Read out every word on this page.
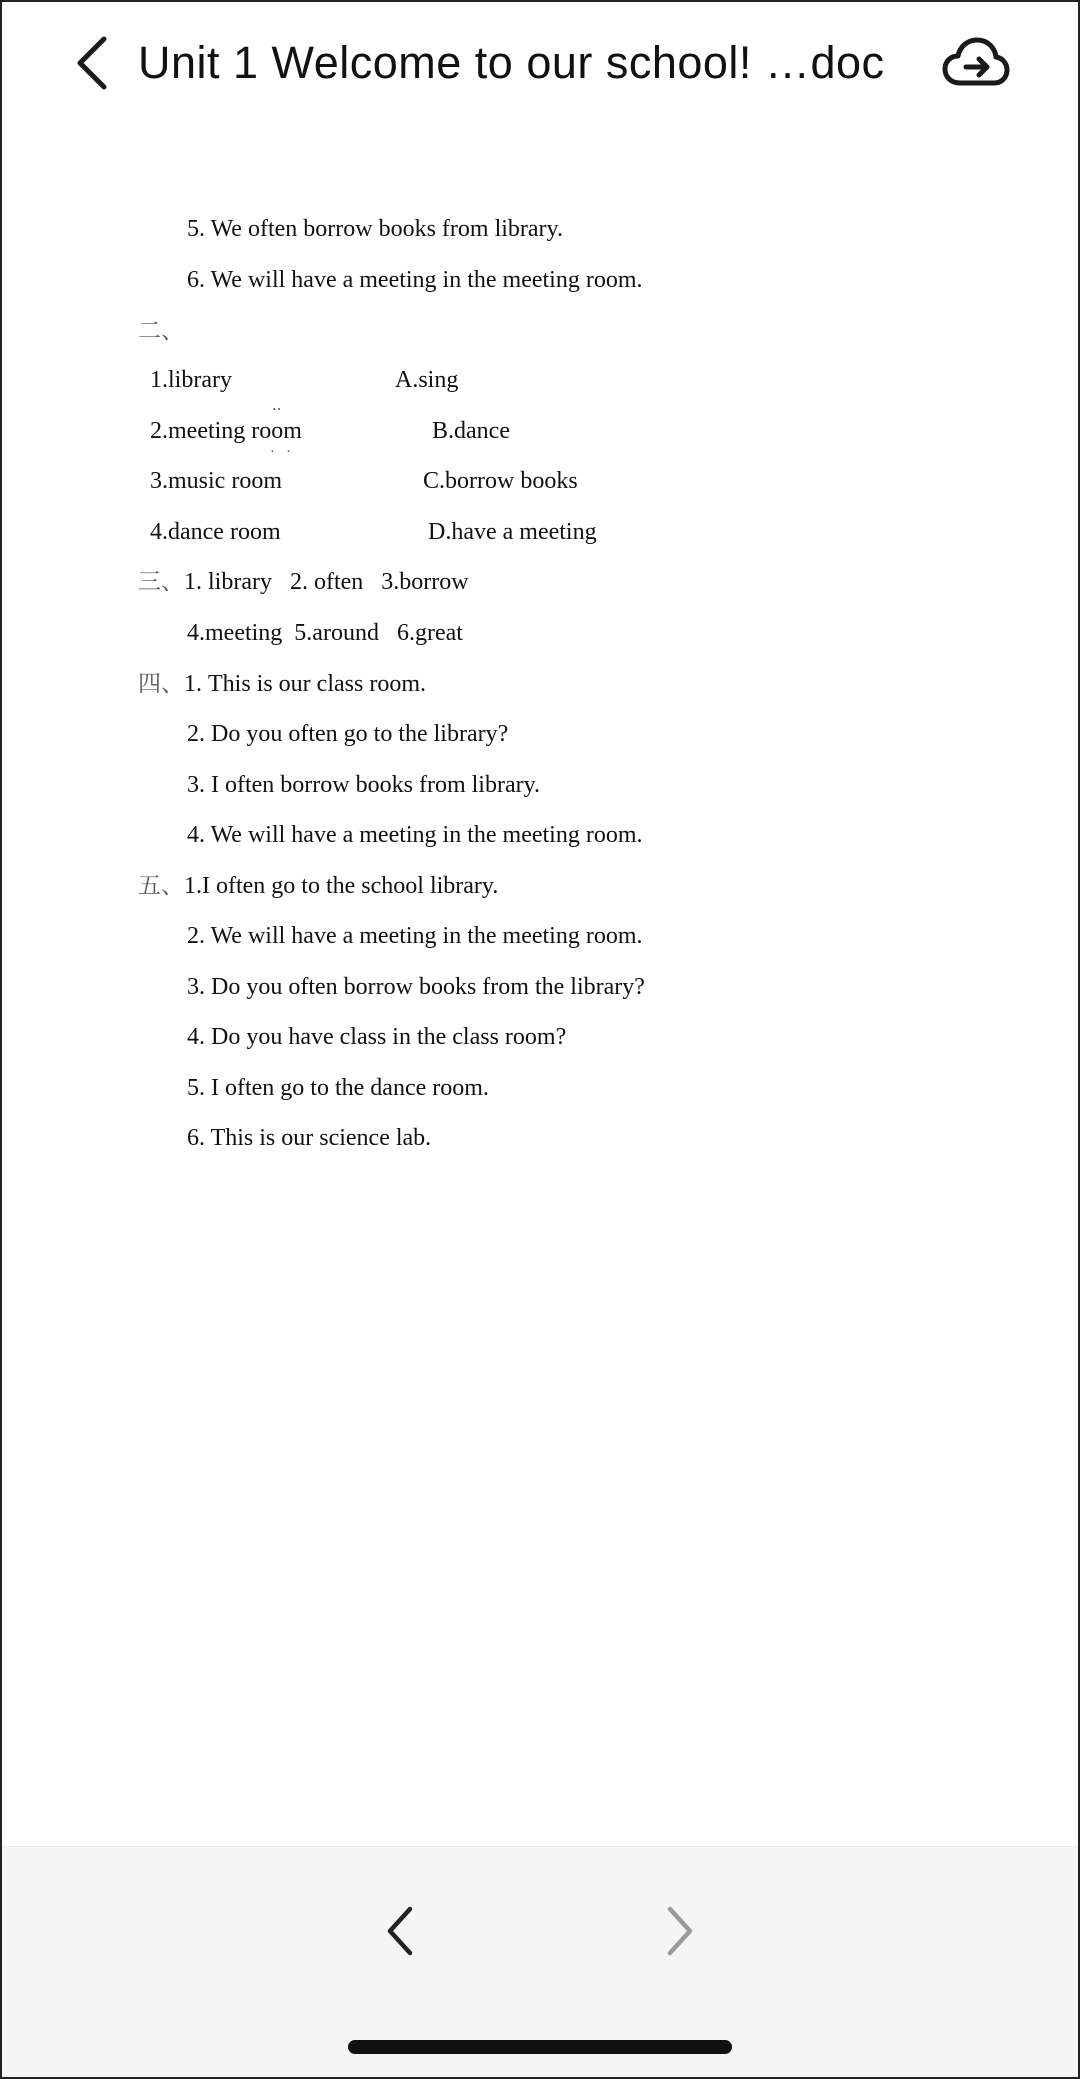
Unit 1 Welcome to our school! …doc
5. We often borrow books from library.
6. We will have a meeting in the meeting room.
二、
1.library	A.sing
‥
2.meeting room	B.dance
· ·
3.music room	C.borrow books
4.dance room	D.have a meeting
三、1. library   2. often   3.borrow
4.meeting  5.around   6.great
四、1. This is our class room.
2. Do you often go to the library?
3. I often borrow books from library.
4. We will have a meeting in the meeting room.
五、1.I often go to the school library.
2. We will have a meeting in the meeting room.
3. Do you often borrow books from the library?
4. Do you have class in the class room?
5. I often go to the dance room.
6. This is our science lab.
